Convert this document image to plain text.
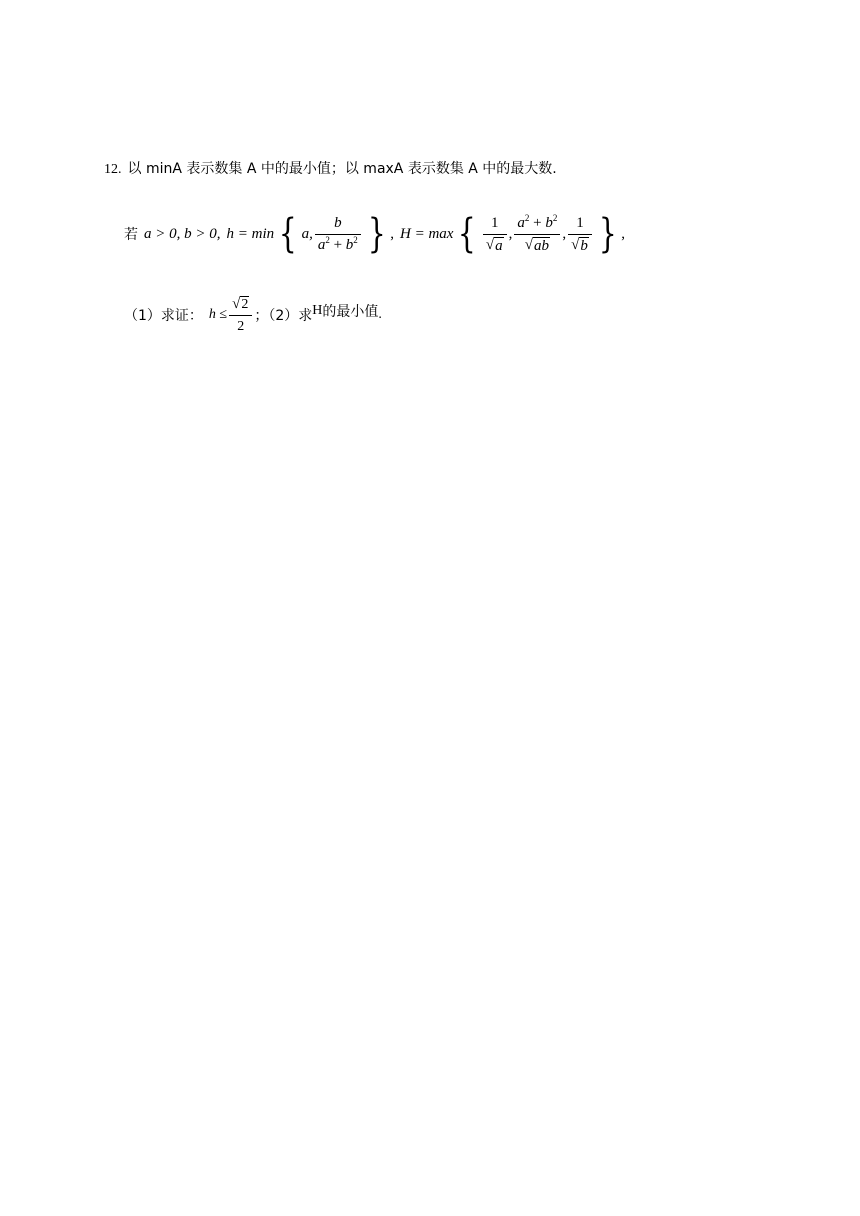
12. 以 minA 表示数集 A 中的最小值；以 maxA 表示数集 A 中的最大数.
若 a > 0, b > 0, h = min { a, $\frac{b}{a^2 + b^2}$ } , H = max { $\frac{1}{√ a}$ , $\frac{a^2 + b^2}{√ ab}$ , $\frac{1}{√ b}$ } ,
（1）求证： $h \le \frac{√ 2}{2}$ ；（2）求 H 的最小值 .
